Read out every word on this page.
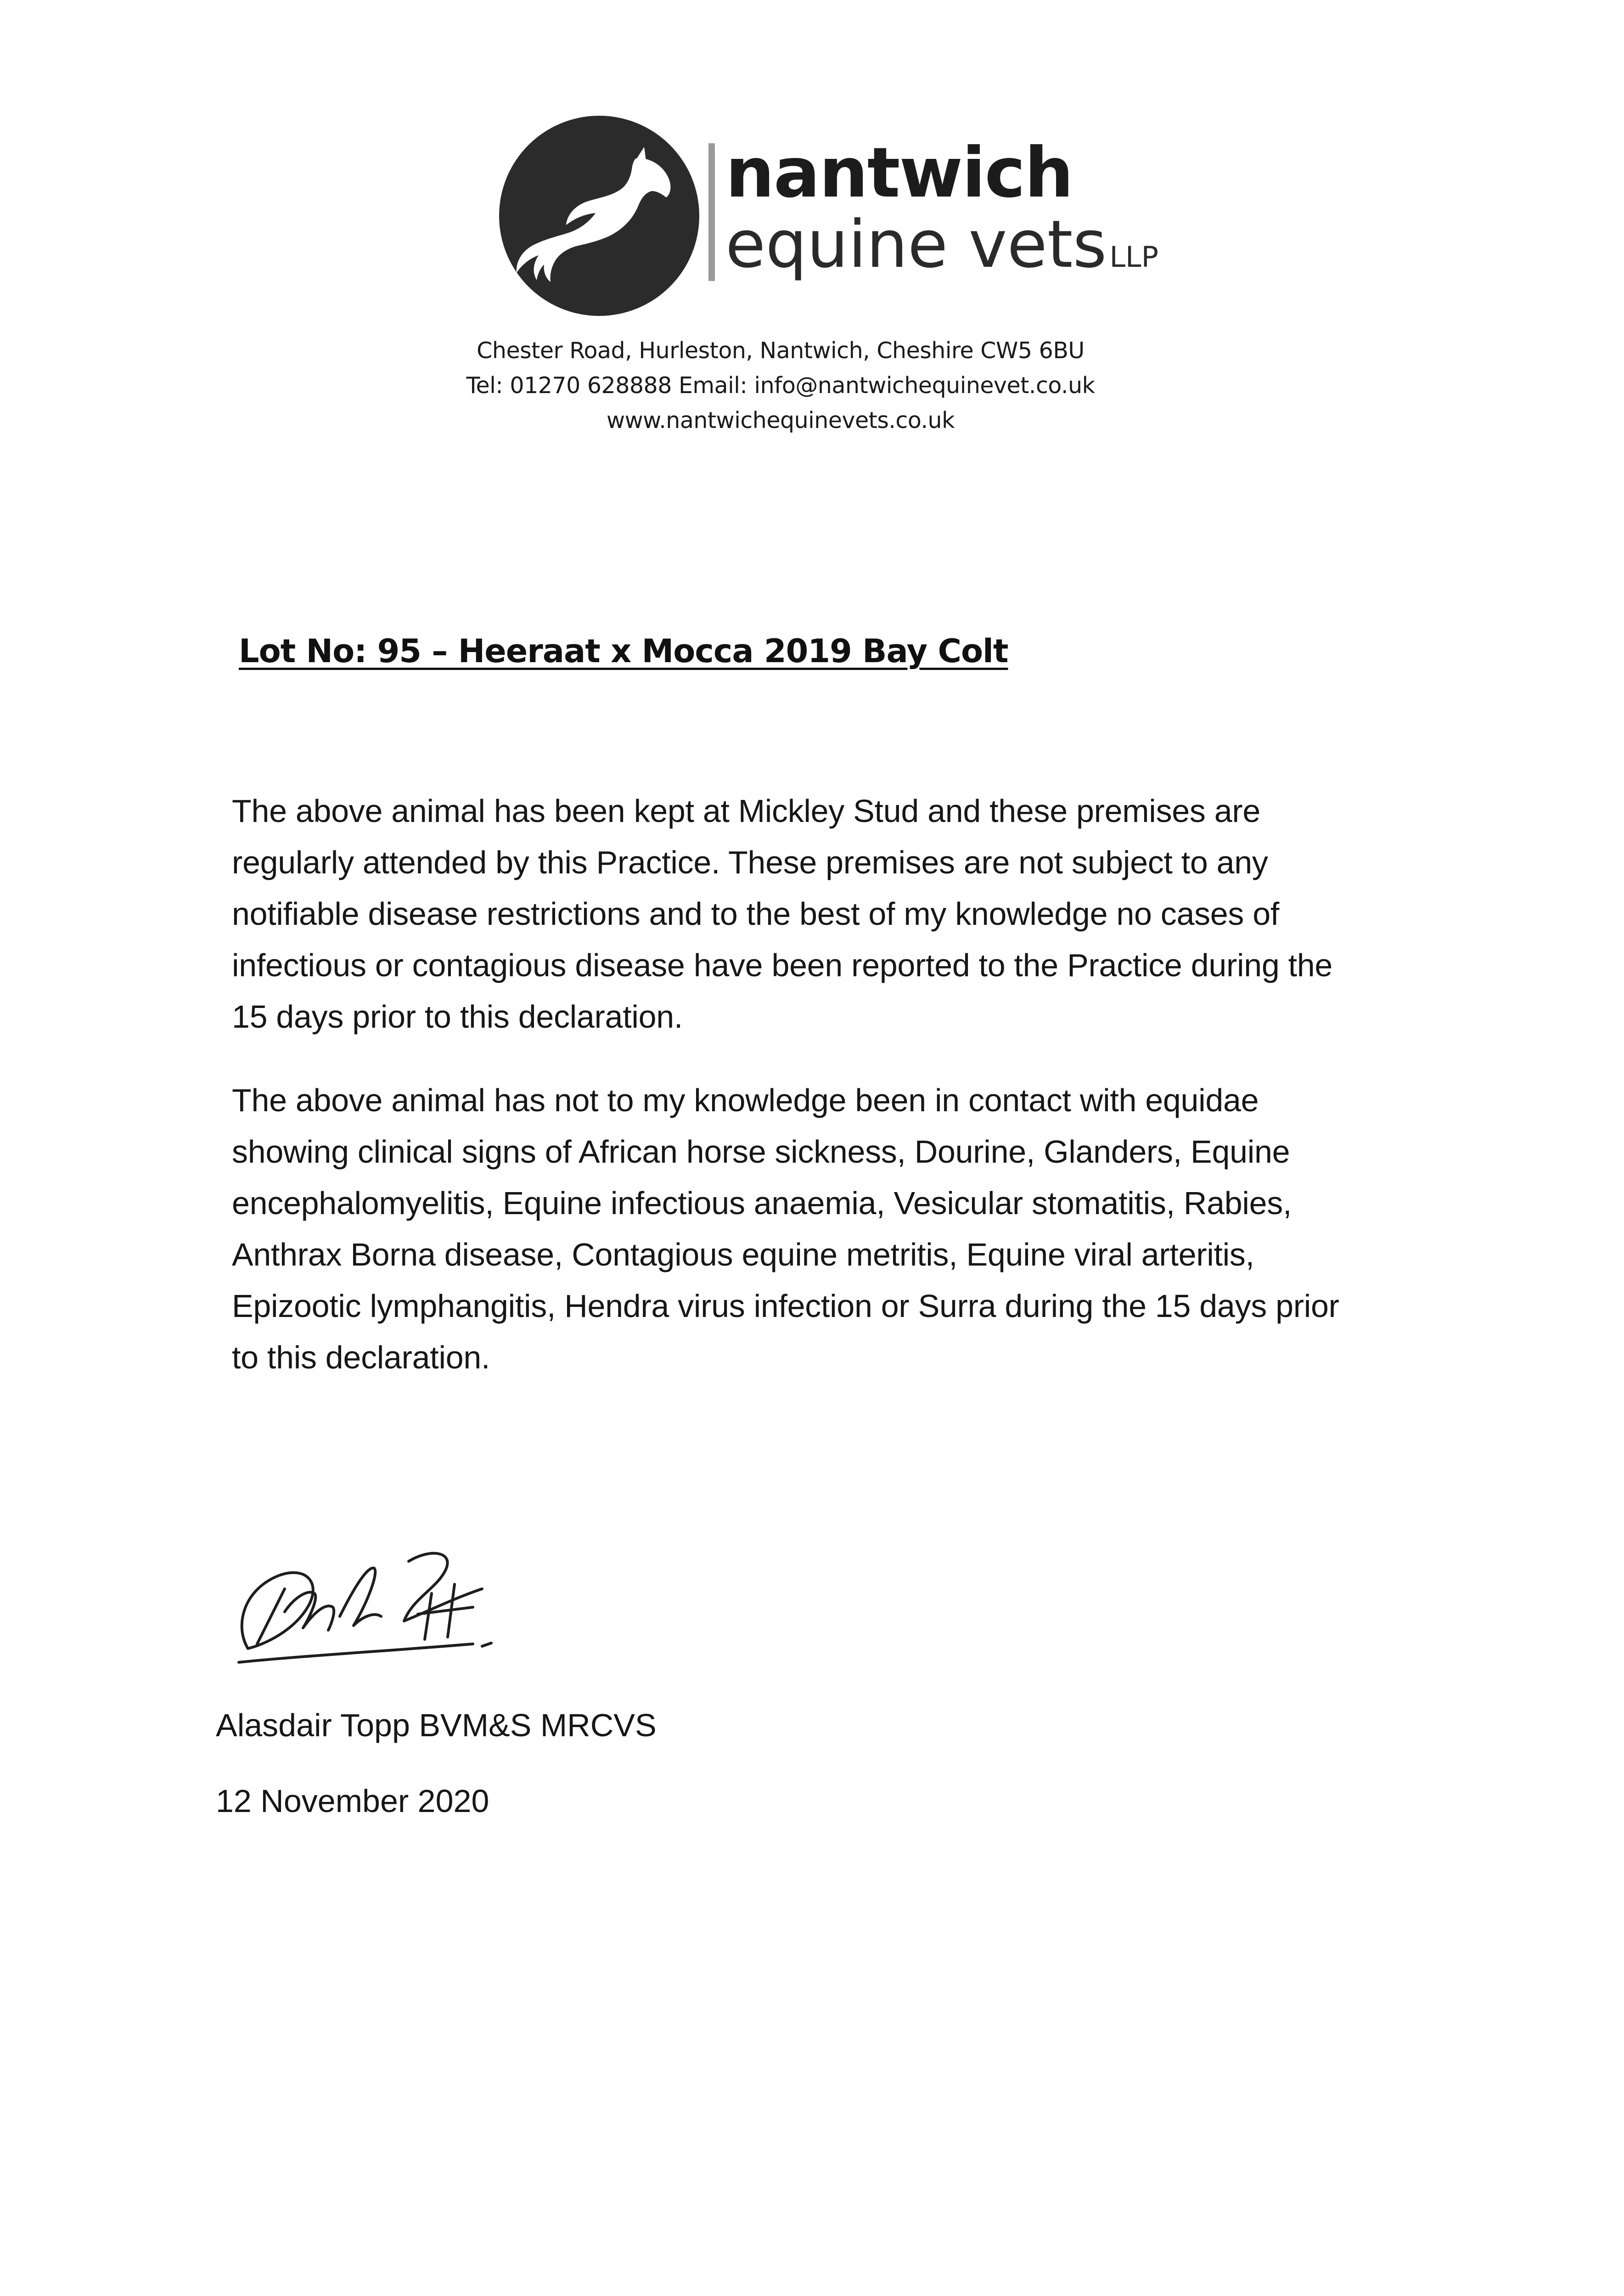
nantwich
equine vetsLLP
Chester Road, Hurleston, Nantwich, Cheshire CW5 6BU
Tel: 01270 628888 Email: info@nantwichequinevet.co.uk
www.nantwichequinevets.co.uk
Lot No: 95 – Heeraat x Mocca 2019 Bay Colt
The above animal has been kept at Mickley Stud and these premises are
regularly attended by this Practice. These premises are not subject to any
notifiable disease restrictions and to the best of my knowledge no cases of
infectious or contagious disease have been reported to the Practice during the
15 days prior to this declaration.
The above animal has not to my knowledge been in contact with equidae
showing clinical signs of African horse sickness, Dourine, Glanders, Equine
encephalomyelitis, Equine infectious anaemia, Vesicular stomatitis, Rabies,
Anthrax Borna disease, Contagious equine metritis, Equine viral arteritis,
Epizootic lymphangitis, Hendra virus infection or Surra during the 15 days prior
to this declaration.
Alasdair Topp BVM&S MRCVS
12 November 2020
